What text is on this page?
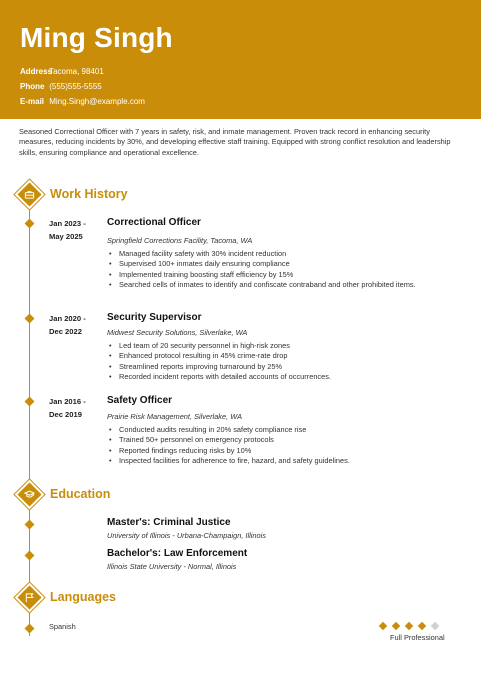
Ming Singh
Address Tacoma, 98401
Phone (555)555-5555
E-mail Ming.Singh@example.com

Seasoned Correctional Officer with 7 years in safety, risk, and inmate management. Proven track record in enhancing security measures, reducing incidents by 30%, and developing effective staff training. Equipped with strong conflict resolution and leadership skills, ensuring compliance and operational excellence.

Work History
Jan 2023 -
May 2025
Correctional Officer
Springfield Corrections Facility, Tacoma, WA
• Managed facility safety with 30% incident reduction
• Supervised 100+ inmates daily ensuring compliance
• Implemented training boosting staff efficiency by 15%
• Searched cells of inmates to identify and confiscate contraband and other prohibited items.
Jan 2020 -
Dec 2022
Security Supervisor
Midwest Security Solutions, Silverlake, WA
• Led team of 20 security personnel in high-risk zones
• Enhanced protocol resulting in 45% crime-rate drop
• Streamlined reports improving turnaround by 25%
• Recorded incident reports with detailed accounts of occurrences.
Jan 2016 -
Dec 2019
Safety Officer
Prairie Risk Management, Silverlake, WA
• Conducted audits resulting in 20% safety compliance rise
• Trained 50+ personnel on emergency protocols
• Reported findings reducing risks by 10%
• Inspected facilities for adherence to fire, hazard, and safety guidelines.
Education
Master's: Criminal Justice
University of Illinois - Urbana-Champaign, Illinois
Bachelor's: Law Enforcement
Illinois State University - Normal, Illinois
Languages
Spanish
Full Professional
